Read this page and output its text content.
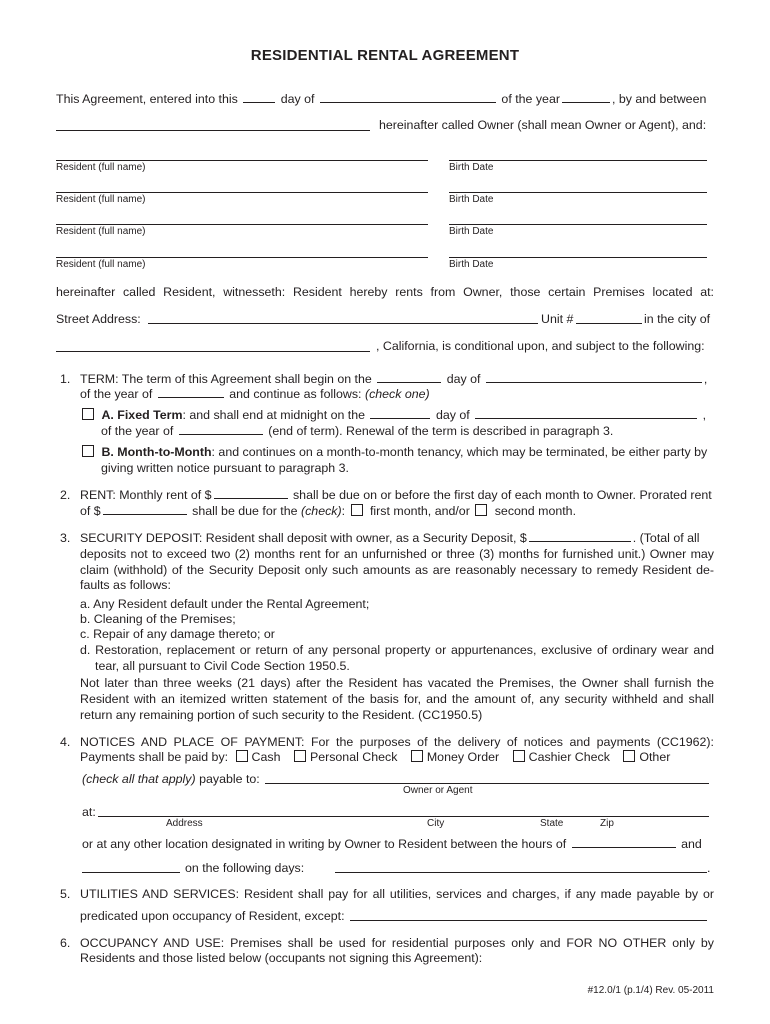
RESIDENTIAL RENTAL AGREEMENT
This Agreement, entered into this	day of	of the year	, by and between
hereinafter called Owner (shall mean Owner or Agent), and:
Resident (full name)	Birth Date
Resident (full name)	Birth Date
Resident (full name)	Birth Date
Resident (full name)	Birth Date
hereinafter called Resident, witnesseth: Resident hereby rents from Owner, those certain Premises located at:
Street Address:	Unit #	in the city of
, California, is conditional upon, and subject to the following:
1. TERM: The term of this Agreement shall begin on the	day of	,
of the year of	and continue as follows: (check one)
A. Fixed Term: and shall end at midnight on the	day of	,
of the year of	(end of term). Renewal of the term is described in paragraph 3.
B. Month-to-Month: and continues on a month-to-month tenancy, which may be terminated, be either party by
giving written notice pursuant to paragraph 3.
2. RENT: Monthly rent of $	shall be due on or before the first day of each month to Owner. Prorated rent
of $	shall be due for the (check): first month, and/or second month.
3. SECURITY DEPOSIT: Resident shall deposit with owner, as a Security Deposit, $	. (Total of all
deposits not to exceed two (2) months rent for an unfurnished or three (3) months for furnished unit.) Owner may
claim (withhold) of the Security Deposit only such amounts as are reasonably necessary to remedy Resident de-
faults as follows:
a. Any Resident default under the Rental Agreement;
b. Cleaning of the Premises;
c. Repair of any damage thereto; or
d. Restoration, replacement or return of any personal property or appurtenances, exclusive of ordinary wear and
tear, all pursuant to Civil Code Section 1950.5.
Not later than three weeks (21 days) after the Resident has vacated the Premises, the Owner shall furnish the
Resident with an itemized written statement of the basis for, and the amount of, any security withheld and shall
return any remaining portion of such security to the Resident. (CC1950.5)
4. NOTICES AND PLACE OF PAYMENT: For the purposes of the delivery of notices and payments (CC1962):
Payments shall be paid by: Cash Personal Check Money Order Cashier Check Other
(check all that apply) payable to:
Owner or Agent
at:
Address	City	State	Zip
or at any other location designated in writing by Owner to Resident between the hours of	and
on the following days:	.
5. UTILITIES AND SERVICES: Resident shall pay for all utilities, services and charges, if any made payable by or
predicated upon occupancy of Resident, except:
6. OCCUPANCY AND USE: Premises shall be used for residential purposes only and FOR NO OTHER only by
Residents and those listed below (occupants not signing this Agreement):
#12.0/1 (p.1/4) Rev. 05-2011
